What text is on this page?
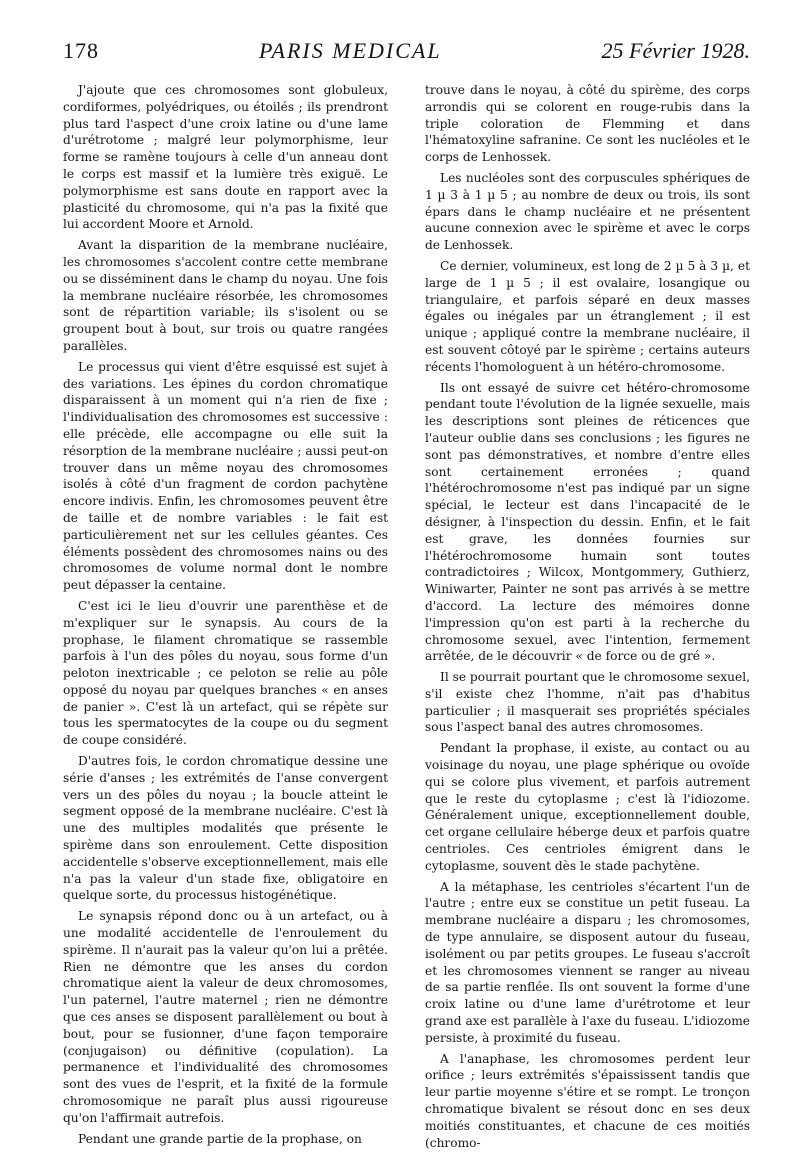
178	PARIS MEDICAL	25 Février 1928.

J'ajoute que ces chromosomes sont globuleux, cordiformes, polyédriques, ou étoilés ; ils prendront plus tard l'aspect d'une croix latine ou d'une lame d'urétrotome ; malgré leur polymorphisme, leur forme se ramène toujours à celle d'un anneau dont le corps est massif et la lumière très exiguë. Le polymorphisme est sans doute en rapport avec la plasticité du chromosome, qui n'a pas la fixité que lui accordent Moore et Arnold.

Avant la disparition de la membrane nucléaire, les chromosomes s'accolent contre cette membrane ou se disséminent dans le champ du noyau. Une fois la membrane nucléaire résorbée, les chromosomes sont de répartition variable; ils s'isolent ou se groupent bout à bout, sur trois ou quatre rangées parallèles.

Le processus qui vient d'être esquissé est sujet à des variations. Les épines du cordon chromatique disparaissent à un moment qui n'a rien de fixe ; l'individualisation des chromosomes est successive : elle précède, elle accompagne ou elle suit la résorption de la membrane nucléaire ; aussi peut-on trouver dans un même noyau des chromosomes isolés à côté d'un fragment de cordon pachytène encore indivis. Enfin, les chromosomes peuvent être de taille et de nombre variables : le fait est particulièrement net sur les cellules géantes. Ces éléments possèdent des chromosomes nains ou des chromosomes de volume normal dont le nombre peut dépasser la centaine.

C'est ici le lieu d'ouvrir une parenthèse et de m'expliquer sur le synapsis. Au cours de la prophase, le filament chromatique se rassemble parfois à l'un des pôles du noyau, sous forme d'un peloton inextricable ; ce peloton se relie au pôle opposé du noyau par quelques branches « en anses de panier ». C'est là un artefact, qui se répète sur tous les spermatocytes de la coupe ou du segment de coupe considéré.

D'autres fois, le cordon chromatique dessine une série d'anses ; les extrémités de l'anse convergent vers un des pôles du noyau ; la boucle atteint le segment opposé de la membrane nucléaire. C'est là une des multiples modalités que présente le spirème dans son enroulement. Cette disposition accidentelle s'observe exceptionnellement, mais elle n'a pas la valeur d'un stade fixe, obligatoire en quelque sorte, du processus histogénétique.

Le synapsis répond donc ou à un artefact, ou à une modalité accidentelle de l'enroulement du spirème. Il n'aurait pas la valeur qu'on lui a prêtée. Rien ne démontre que les anses du cordon chromatique aient la valeur de deux chromosomes, l'un paternel, l'autre maternel ; rien ne démontre que ces anses se disposent parallèlement ou bout à bout, pour se fusionner, d'une façon temporaire (conjugaison) ou définitive (copulation). La permanence et l'individualité des chromosomes sont des vues de l'esprit, et la fixité de la formule chromosomique ne paraît plus aussi rigoureuse qu'on l'affirmait autrefois.

Pendant une grande partie de la prophase, on

trouve dans le noyau, à côté du spirème, des corps arrondis qui se colorent en rouge-rubis dans la triple coloration de Flemming et dans l'hématoxyline safranine. Ce sont les nucléoles et le corps de Lenhossek.

Les nucléoles sont des corpuscules sphériques de 1 µ 3 à 1 µ 5 ; au nombre de deux ou trois, ils sont épars dans le champ nucléaire et ne présentent aucune connexion avec le spirème et avec le corps de Lenhossek.

Ce dernier, volumineux, est long de 2 µ 5 à 3 µ, et large de 1 µ 5 ; il est ovalaire, losangique ou triangulaire, et parfois séparé en deux masses égales ou inégales par un étranglement ; il est unique ; appliqué contre la membrane nucléaire, il est souvent côtoyé par le spirème ; certains auteurs récents l'homologuent à un hétéro-chromosome.

Ils ont essayé de suivre cet hétéro-chromosome pendant toute l'évolution de la lignée sexuelle, mais les descriptions sont pleines de réticences que l'auteur oublie dans ses conclusions ; les figures ne sont pas démonstratives, et nombre d'entre elles sont certainement erronées ; quand l'hétérochromosome n'est pas indiqué par un signe spécial, le lecteur est dans l'incapacité de le désigner, à l'inspection du dessin. Enfin, et le fait est grave, les données fournies sur l'hétérochromosome humain sont toutes contradictoires ; Wilcox, Montgommery, Guthierz, Winiwarter, Painter ne sont pas arrivés à se mettre d'accord. La lecture des mémoires donne l'impression qu'on est parti à la recherche du chromosome sexuel, avec l'intention, fermement arrêtée, de le découvrir « de force ou de gré ».

Il se pourrait pourtant que le chromosome sexuel, s'il existe chez l'homme, n'ait pas d'habitus particulier ; il masquerait ses propriétés spéciales sous l'aspect banal des autres chromosomes.

Pendant la prophase, il existe, au contact ou au voisinage du noyau, une plage sphérique ou ovoïde qui se colore plus vivement, et parfois autrement que le reste du cytoplasme ; c'est là l'idiozome. Généralement unique, exceptionnellement double, cet organe cellulaire héberge deux et parfois quatre centrioles. Ces centrioles émigrent dans le cytoplasme, souvent dès le stade pachytène.

A la métaphase, les centrioles s'écartent l'un de l'autre ; entre eux se constitue un petit fuseau. La membrane nucléaire a disparu ; les chromosomes, de type annulaire, se disposent autour du fuseau, isolément ou par petits groupes. Le fuseau s'accroît et les chromosomes viennent se ranger au niveau de sa partie renflée. Ils ont souvent la forme d'une croix latine ou d'une lame d'urétrotome et leur grand axe est parallèle à l'axe du fuseau. L'idiozome persiste, à proximité du fuseau.

A l'anaphase, les chromosomes perdent leur orifice ; leurs extrémités s'épaississent tandis que leur partie moyenne s'étire et se rompt. Le tronçon chromatique bivalent se résout donc en ses deux moitiés constituantes, et chacune de ces moitiés (chromo-
